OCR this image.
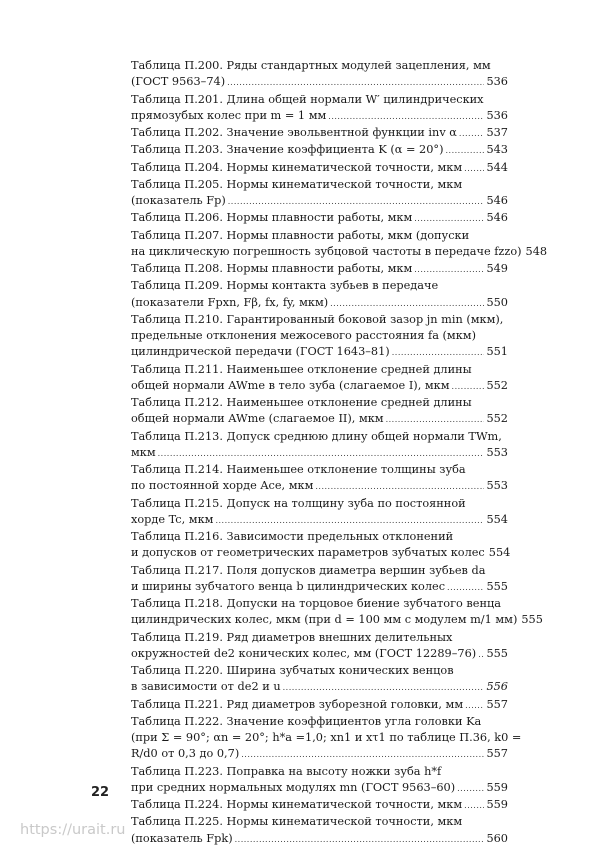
Таблица П.200. Ряды стандартных модулей зацепления, мм
(ГОСТ 9563–74) .....	536
Таблица П.201. Длина общей нормали W′ цилиндрических
прямозубых колес при m = 1 мм .....	536
Таблица П.202. Значение эвольвентной функции inv α .....	537
Таблица П.203. Значение коэффициента K (α = 20°) .....	543
Таблица П.204. Нормы кинематической точности, мкм ..... 544
Таблица П.205. Нормы кинематической точности, мкм
(показатель Fp) .....	546
Таблица П.206. Нормы плавности работы, мкм .....	546
Таблица П.207. Нормы плавности работы, мкм (допуски
на циклическую погрешность зубцовой частоты в передаче fzzo) 548
Таблица П.208. Нормы плавности работы, мкм .....	549
Таблица П.209. Нормы контакта зубьев в передаче
(показатели Fpxn, Fβ, fx, fy, мкм) .....	550
Таблица П.210. Гарантированный боковой зазор jn min (мкм),
предельные отклонения межосевого расстояния fa (мкм)
цилиндрической передачи (ГОСТ 1643–81) .....	551
Таблица П.211. Наименьшее отклонение средней длины
общей нормали AWme в тело зуба (слагаемое I), мкм .....	552
Таблица П.212. Наименьшее отклонение средней длины
общей нормали AWme (слагаемое II), мкм .....	552
Таблица П.213. Допуск среднюю длину общей нормали TWm,
мкм .....	553
Таблица П.214. Наименьшее отклонение толщины зуба
по постоянной хорде Ace, мкм .....	553
Таблица П.215. Допуск на толщину зуба по постоянной
хорде Tc, мкм .....	554
Таблица П.216. Зависимости предельных отклонений
и допусков от геометрических параметров зубчатых колес 554
Таблица П.217. Поля допусков диаметра вершин зубьев da
и ширины зубчатого венца b цилиндрических колес .....	555
Таблица П.218. Допуски на торцовое биение зубчатого венца
цилиндрических колес, мкм (при d = 100 мм с модулем m/1 мм) 555
Таблица П.219. Ряд диаметров внешних делительных
окружностей de2 конических колес, мм (ГОСТ 12289–76) ..... 555
Таблица П.220. Ширина зубчатых конических венцов
в зависимости от de2 и u .....	556
Таблица П.221. Ряд диаметров зуборезной головки, мм ..... 557
Таблица П.222. Значение коэффициентов угла головки Ka
(при Σ = 90°; αn = 20°; h*a =1,0; xn1 и xτ1 по таблице П.36, k0 =
R/d0 от 0,3 до 0,7) .....	557
Таблица П.223. Поправка на высоту ножки зуба h*f
при средних нормальных модулях mn (ГОСТ 9563–60) .....	559
Таблица П.224. Нормы кинематической точности, мкм ..... 559
Таблица П.225. Нормы кинематической точности, мкм
(показатель Fpk) .....	560
22
https://urait.ru
